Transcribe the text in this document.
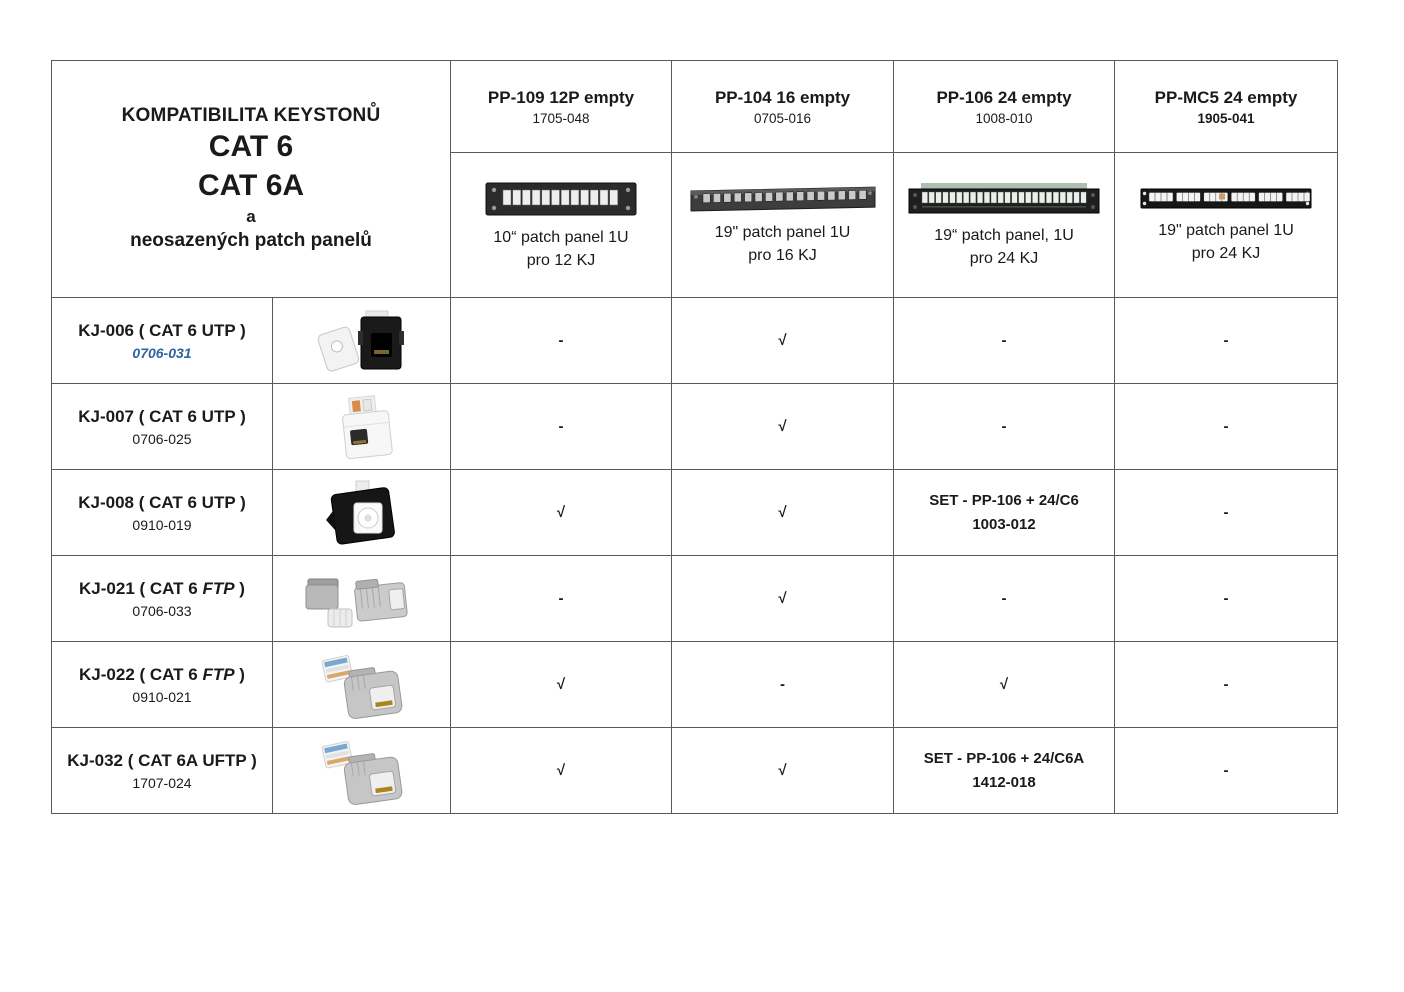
KOMPATIBILITA KEYSTONŮ
CAT 6
CAT 6A
a
neosazených patch panelů

PP-109 12P empty
1705-048

PP-104 16 empty
0705-016

PP-106 24 empty
1008-010

PP-MC5 24 empty
1905-041

		10“ patch panel 1U
pro 12 KJ	19" patch panel 1U
pro 16 KJ	19“ patch panel, 1U
pro 24 KJ	19" patch panel 1U
pro 24 KJ

KJ-006 ( CAT 6 UTP )
0706-031		-	√	-	-

KJ-007 ( CAT 6 UTP )
0706-025		-	√	-	-

KJ-008 ( CAT 6 UTP )
0910-019

√	√

SET - PP-106 + 24/C6
1003-012

-

KJ-021 ( CAT 6 FTP )
0706-033		-	√	-	-

KJ-022 ( CAT 6 FTP )
0910-021		√	-	√	-

KJ-032 ( CAT 6A UFTP )
1707-024

√	√

SET - PP-106 + 24/C6A
1412-018

-
